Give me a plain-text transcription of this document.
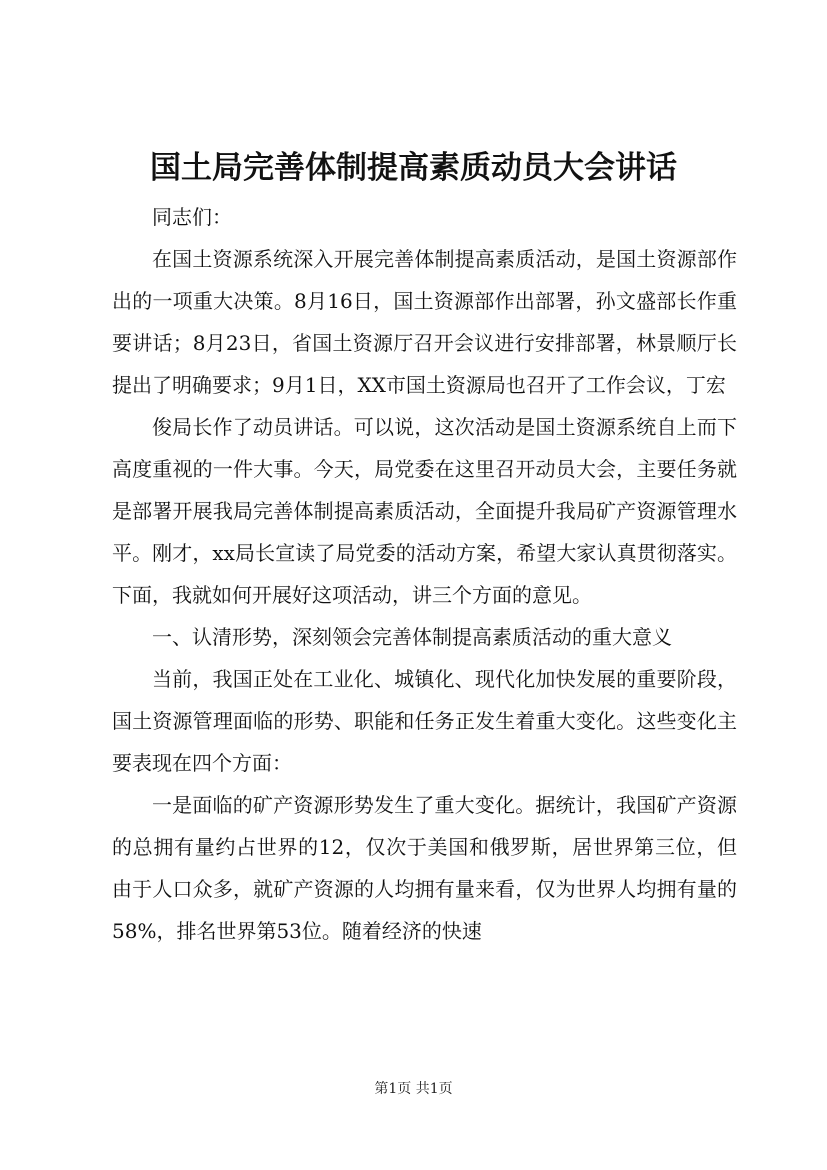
国土局完善体制提高素质动员大会讲话

同志们：

在国土资源系统深入开展完善体制提高素质活动，是国土资源部作出的一项重大决策。8月16日，国土资源部作出部署，孙文盛部长作重要讲话；8月23日，省国土资源厅召开会议进行安排部署，林景顺厅长提出了明确要求；9月1日，XX市国土资源局也召开了工作会议，丁宏

俊局长作了动员讲话。可以说，这次活动是国土资源系统自上而下高度重视的一件大事。今天，局党委在这里召开动员大会，主要任务就是部署开展我局完善体制提高素质活动，全面提升我局矿产资源管理水平。刚才，xx局长宣读了局党委的活动方案，希望大家认真贯彻落实。下面，我就如何开展好这项活动，讲三个方面的意见。

一、认清形势，深刻领会完善体制提高素质活动的重大意义

当前，我国正处在工业化、城镇化、现代化加快发展的重要阶段，国土资源管理面临的形势、职能和任务正发生着重大变化。这些变化主要表现在四个方面：

一是面临的矿产资源形势发生了重大变化。据统计，我国矿产资源的总拥有量约占世界的12，仅次于美国和俄罗斯，居世界第三位，但由于人口众多，就矿产资源的人均拥有量来看，仅为世界人均拥有量的58%，排名世界第53位。随着经济的快速

第1页 共1页
